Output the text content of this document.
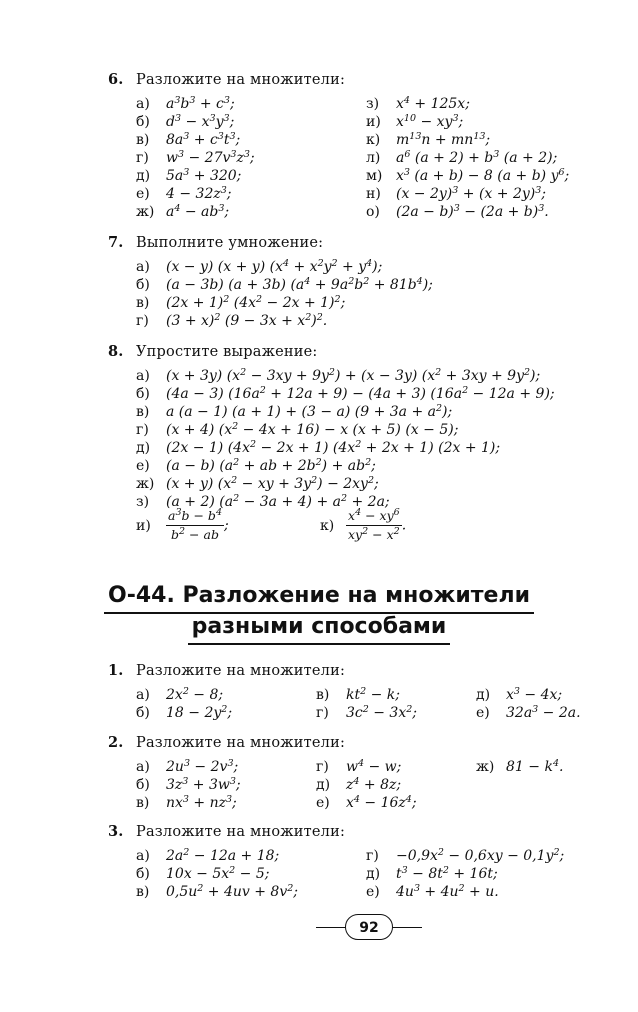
6. Разложите на множители:
а) $a^3b^3 + c^3$;
б) $d^3 - x^3y^3$;
в) $8a^3 + c^3t^3$;
г) $w^3 - 27v^3z^3$;
д) $5a^3 + 320$;
е) $4 - 32z^3$;
ж) $a^4 - ab^3$;
з) $x^4 + 125x$;
и) $x^{10} - xy^3$;
к) $m^{13}n + mn^{13}$;
л) $a^6$ $(a + 2) + b^3$ (a + 2);
м) $x^3$ (a + b) − 8 (a + b) $y^6$;
н) $(x - 2y)^3 + (x + 2y)^3$;
о) $(2a - b)^3 - (2a + b)^3$.
7. Выполните умножение:
а) (x − y) (x + y) $(x^4 + x^2y^2 + y^4)$;
б) (a − 3b) (a + 3b) $(a^4 + 9a^2b^2 + 81b^4)$;
в) $(2x + 1)^2$ $(4x^2 - 2x + 1)^2$;
г) $(3 + x)^2$ $(9 - 3x + x^2)^2$.
8. Упростите выражение:
а) (x + 3y) $(x^2 - 3xy + 9y^2) + (x - 3y) (x^2 + 3xy + 9y^2)$;
б) (4a − 3) $(16a^2 + 12a + 9) - (4a + 3) (16a^2 - 12a + 9)$;
в) a (a − 1) (a + 1) + (3 − a) $(9 + 3a + a^2)$;
г) (x + 4) $(x^2 - 4x + 16) - x$ (x + 5) (x − 5);
д) (2x − 1) $(4x^2 - 2x + 1) (4x^2 + 2x + 1) (2x + 1)$;
е) (a − b) ($a^2$ + ab + $2b^2) + ab^2$;
ж) (x + y) ($x^2$ − xy + $3y^2) - 2xy^2$;
з) (a + 2) $(a^2 - 3a + 4) + a^2 + 2a$;
$и) \frac{a^3b - b^4}{b^2 - ab}$ ;	$к) \frac{x^4 - xy^6}{xy^2 - x^2}$ .
О-44. Разложение на множители
разными способами
1. Разложите на множители:
а) $2x^2 - 8$;
б) $18 - 2y^2$;
в) $kt^2 - k$;
г) $3c^2 - 3x^2$;
д) $x^3 - 4x$;
е) $32a^3 - 2a$.
2. Разложите на множители:
а) $2u^3 - 2v^3$;
б) $3z^3 + 3w^3$;
в) $nx^3 + nz^3$;
г) $w^4 - w$;
д) $z^4 + 8z$;
е) $x^4 - 16z^4$;
ж) $81 - k^4$.
3. Разложите на множители:
а) $2a^2 - 12a + 18$;
б) $10x - 5x^2 - 5$;
в) $0,5u^2 + 4uv + 8v^2$;
$г) -0,9x^2 - 0,6xy - 0,1y^2$;
д) $t^3 - 8t^2 + 16t$;
е) $4u^3 + 4u^2 + u$.
92
